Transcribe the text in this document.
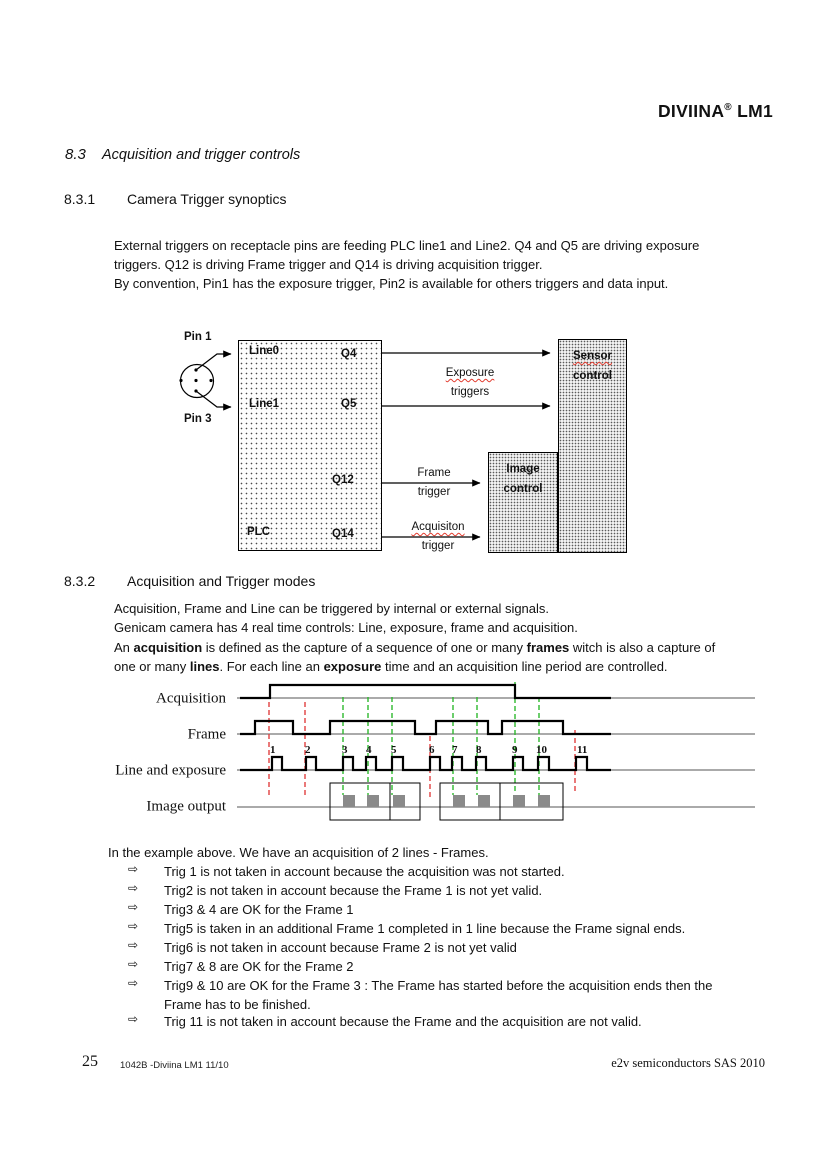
DIVIINA® LM1
8.3 Acquisition and trigger controls
8.3.1 Camera Trigger synoptics
External triggers on receptacle pins are feeding PLC line1 and Line2. Q4 and Q5 are driving exposure
triggers. Q12 is driving Frame trigger and Q14 is driving acquisition trigger.
By convention, Pin1 has the exposure trigger, Pin2 is available for others triggers and data input.
Pin 1
Pin 3
Line0
Line1
Q4
Q5
Q12
Q14
PLC
Sensor
control
Image
control
Exposure
triggers
Frame
trigger
Acquisiton
trigger
8.3.2 Acquisition and Trigger modes
Acquisition, Frame and Line can be triggered by internal or external signals.
Genicam camera has 4 real time controls: Line, exposure, frame and acquisition.
An acquisition is defined as the capture of a sequence of one or many frames witch is also a capture of
one or many lines. For each line an exposure time and an acquisition line period are controlled.
1	2	3 4 5	6 7 8	9 10	11
Acquisition
Frame
Line and exposure
Image output
In the example above. We have an acquisition of 2 lines - Frames.
⇨ Trig 1 is not taken in account because the acquisition was not started.
⇨ Trig2 is not taken in account because the Frame 1 is not yet valid.
⇨ Trig3 & 4 are OK for the Frame 1
⇨ Trig5 is taken in an additional Frame 1 completed in 1 line because the Frame signal ends.
⇨ Trig6 is not taken in account because Frame 2 is not yet valid
⇨ Trig7 & 8 are OK for the Frame 2
⇨ Trig9 & 10 are OK for the Frame 3 : The Frame has started before the acquisition ends then the
Frame has to be finished.
⇨ Trig 11 is not taken in account because the Frame and the acquisition are not valid.
25 1042B -Diviina LM1 11/10	e2v semiconductors SAS 2010
